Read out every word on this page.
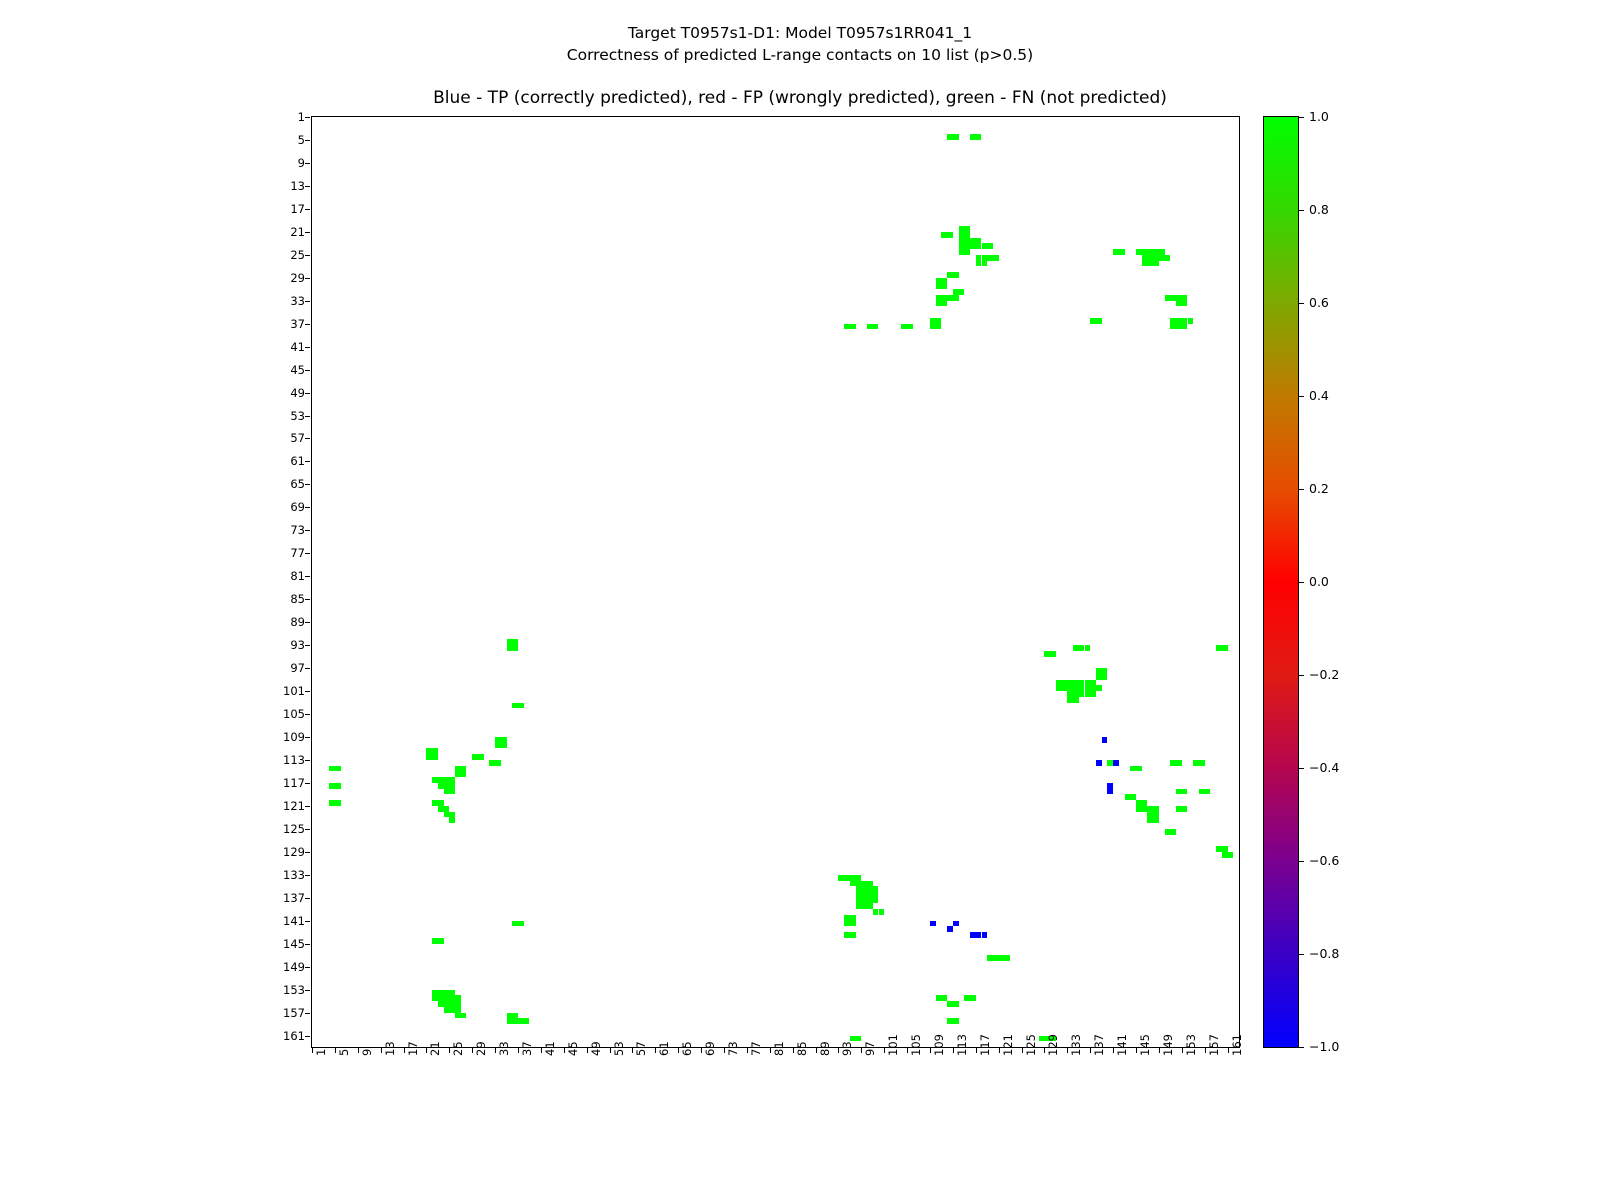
Target T0957s1-D1: Model T0957s1RR041_1
Correctness of predicted L-range contacts on 10 list (p>0.5)
Blue - TP (correctly predicted), red - FP (wrongly predicted), green - FN (not predicted)
1
5
9
13
17
21
25
29
33
37
41
45
49
53
57
61
65
69
73
77
81
85
89
93
97
101
105
109
113
117
121
125
129
133
137
141
145
149
153
157
161
1 5 9 13 17 21 25 29 33 37 41 45 49 53 57 61 65 69 73 77 81 85 89 93 97 101 105 109 113 117 121 125 129 133 137 141 145 149 153 157 161
1.0
0.8
0.6
0.4
0.2
0.0
−0.2
−0.4
−0.6
−0.8
−1.0
